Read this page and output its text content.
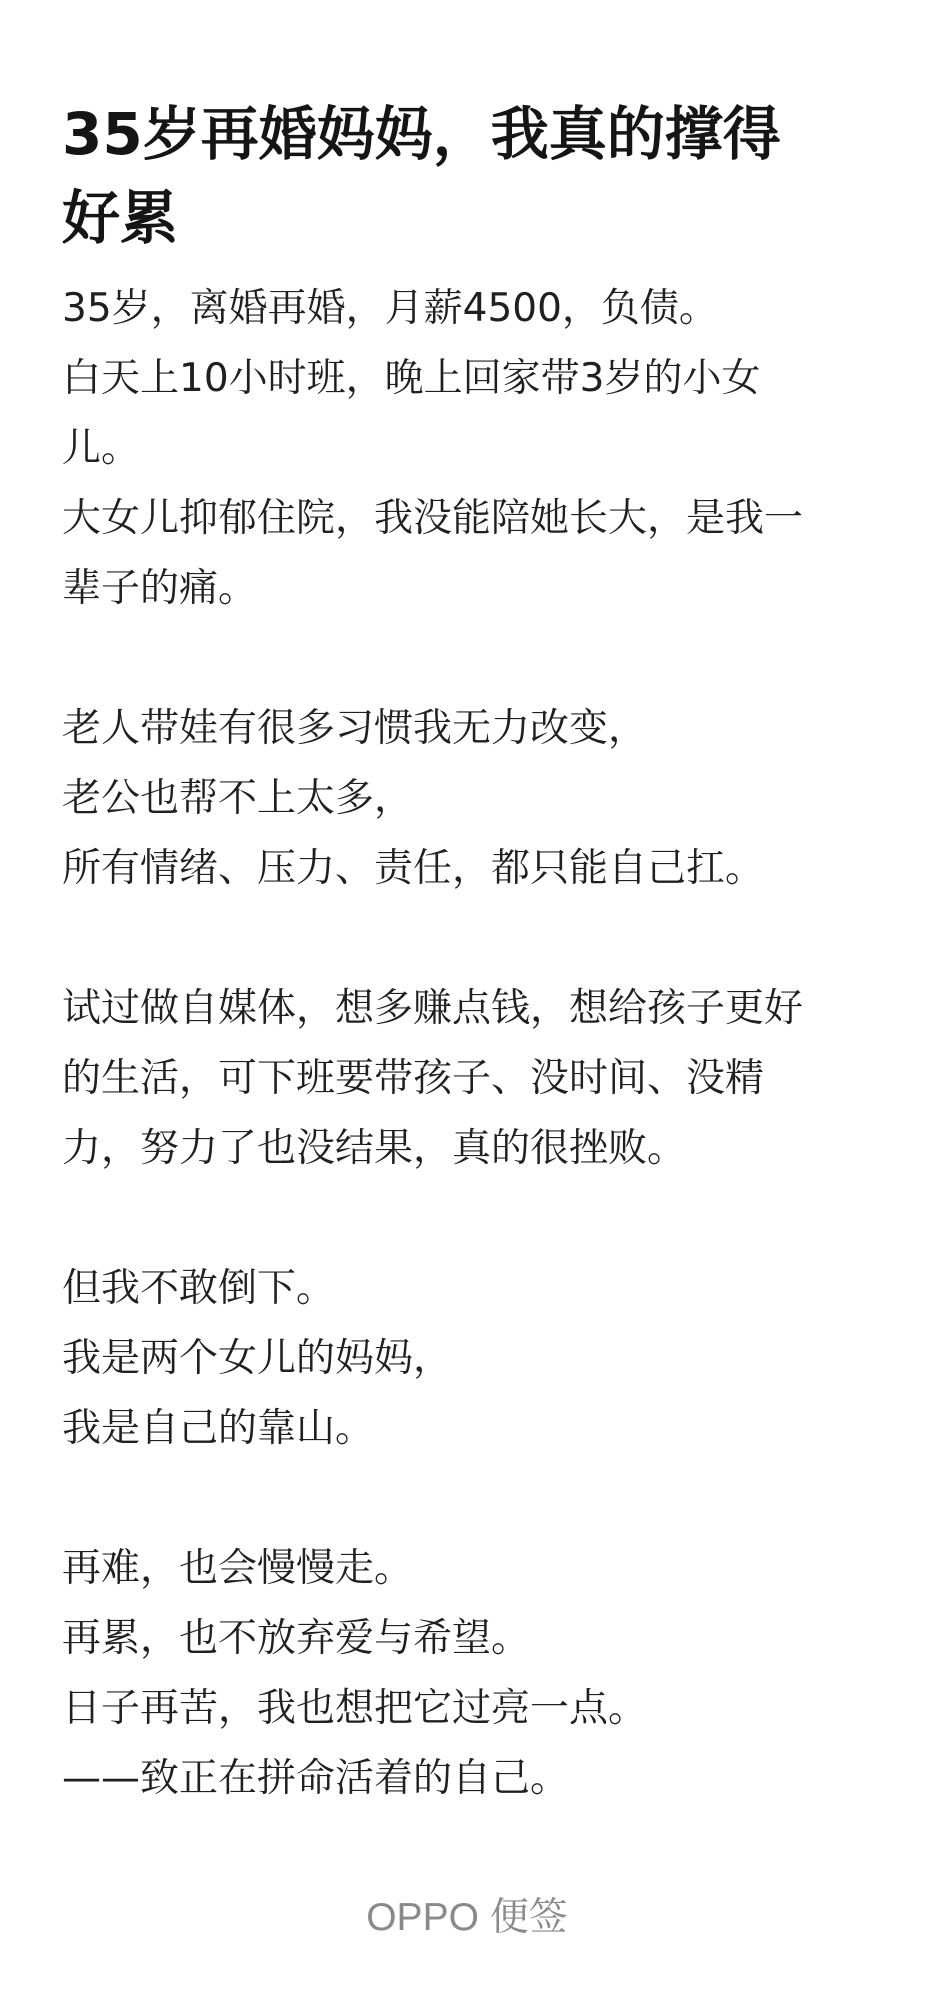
35岁再婚妈妈，我真的撑得
好累
35岁，离婚再婚，月薪4500，负债。
白天上10小时班，晚上回家带3岁的小女
儿。
大女儿抑郁住院，我没能陪她长大，是我一
辈子的痛。
老人带娃有很多习惯我无力改变，
老公也帮不上太多，
所有情绪、压力、责任，都只能自己扛。
试过做自媒体，想多赚点钱，想给孩子更好
的生活，可下班要带孩子、没时间、没精
力，努力了也没结果，真的很挫败。
但我不敢倒下。
我是两个女儿的妈妈，
我是自己的靠山。
再难，也会慢慢走。
再累，也不放弃爱与希望。
日子再苦，我也想把它过亮一点。
——致正在拼命活着的自己。
OPPO 便签
